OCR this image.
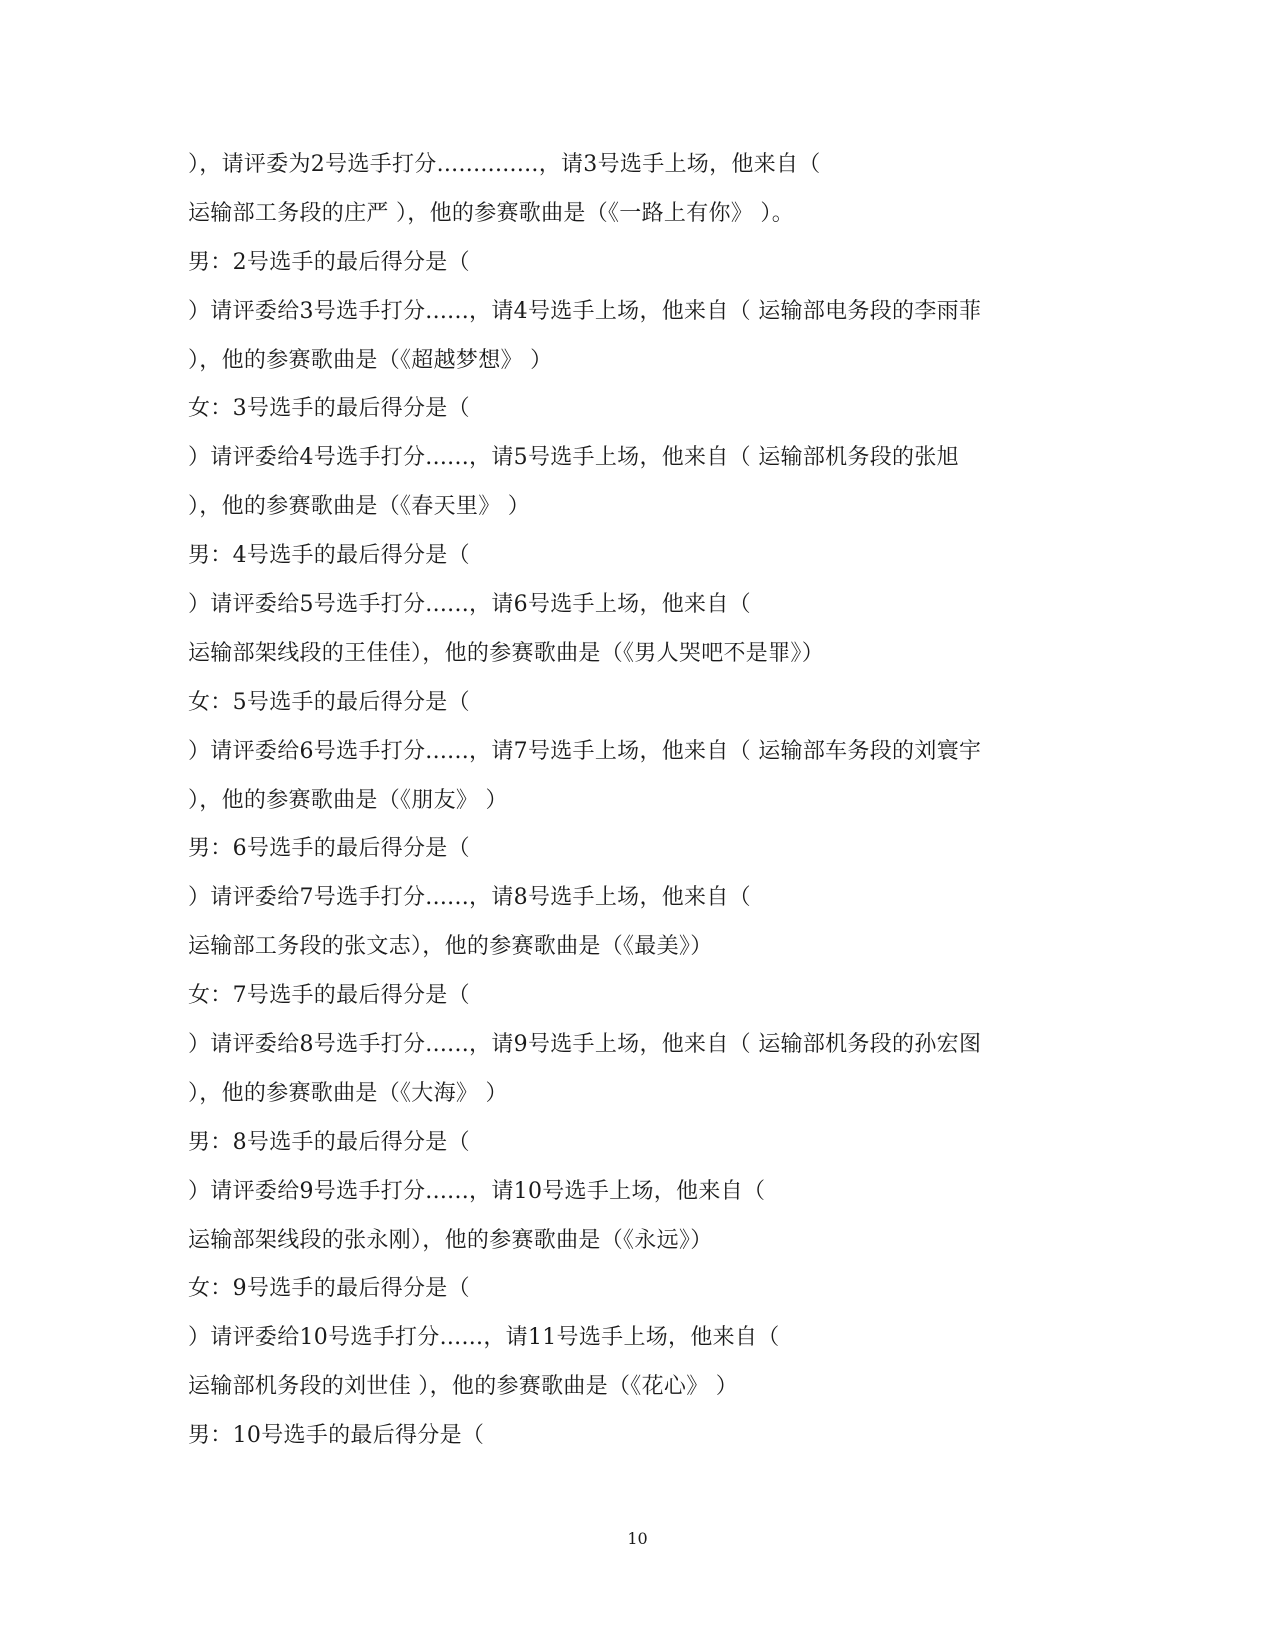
），请评委为2号选手打分..............，请3号选手上场，他来自（
运输部工务段的庄严 ），他的参赛歌曲是（《一路上有你》 ）。
男：2号选手的最后得分是（
）请评委给3号选手打分......，请4号选手上场，他来自（ 运输部电务段的李雨菲
），他的参赛歌曲是（《超越梦想》 ）
女：3号选手的最后得分是（
）请评委给4号选手打分......，请5号选手上场，他来自（ 运输部机务段的张旭
），他的参赛歌曲是（《春天里》 ）
男：4号选手的最后得分是（
）请评委给5号选手打分......，请6号选手上场，他来自（
运输部架线段的王佳佳），他的参赛歌曲是（《男人哭吧不是罪》）
女：5号选手的最后得分是（
）请评委给6号选手打分......，请7号选手上场，他来自（ 运输部车务段的刘寰宇
），他的参赛歌曲是（《朋友》 ）
男：6号选手的最后得分是（
）请评委给7号选手打分......，请8号选手上场，他来自（
运输部工务段的张文志），他的参赛歌曲是（《最美》）
女：7号选手的最后得分是（
）请评委给8号选手打分......，请9号选手上场，他来自（ 运输部机务段的孙宏图
），他的参赛歌曲是（《大海》 ）
男：8号选手的最后得分是（
）请评委给9号选手打分......，请10号选手上场，他来自（
运输部架线段的张永刚），他的参赛歌曲是（《永远》）
女：9号选手的最后得分是（
）请评委给10号选手打分......，请11号选手上场，他来自（
运输部机务段的刘世佳 ），他的参赛歌曲是（《花心》 ）
男：10号选手的最后得分是（
10
